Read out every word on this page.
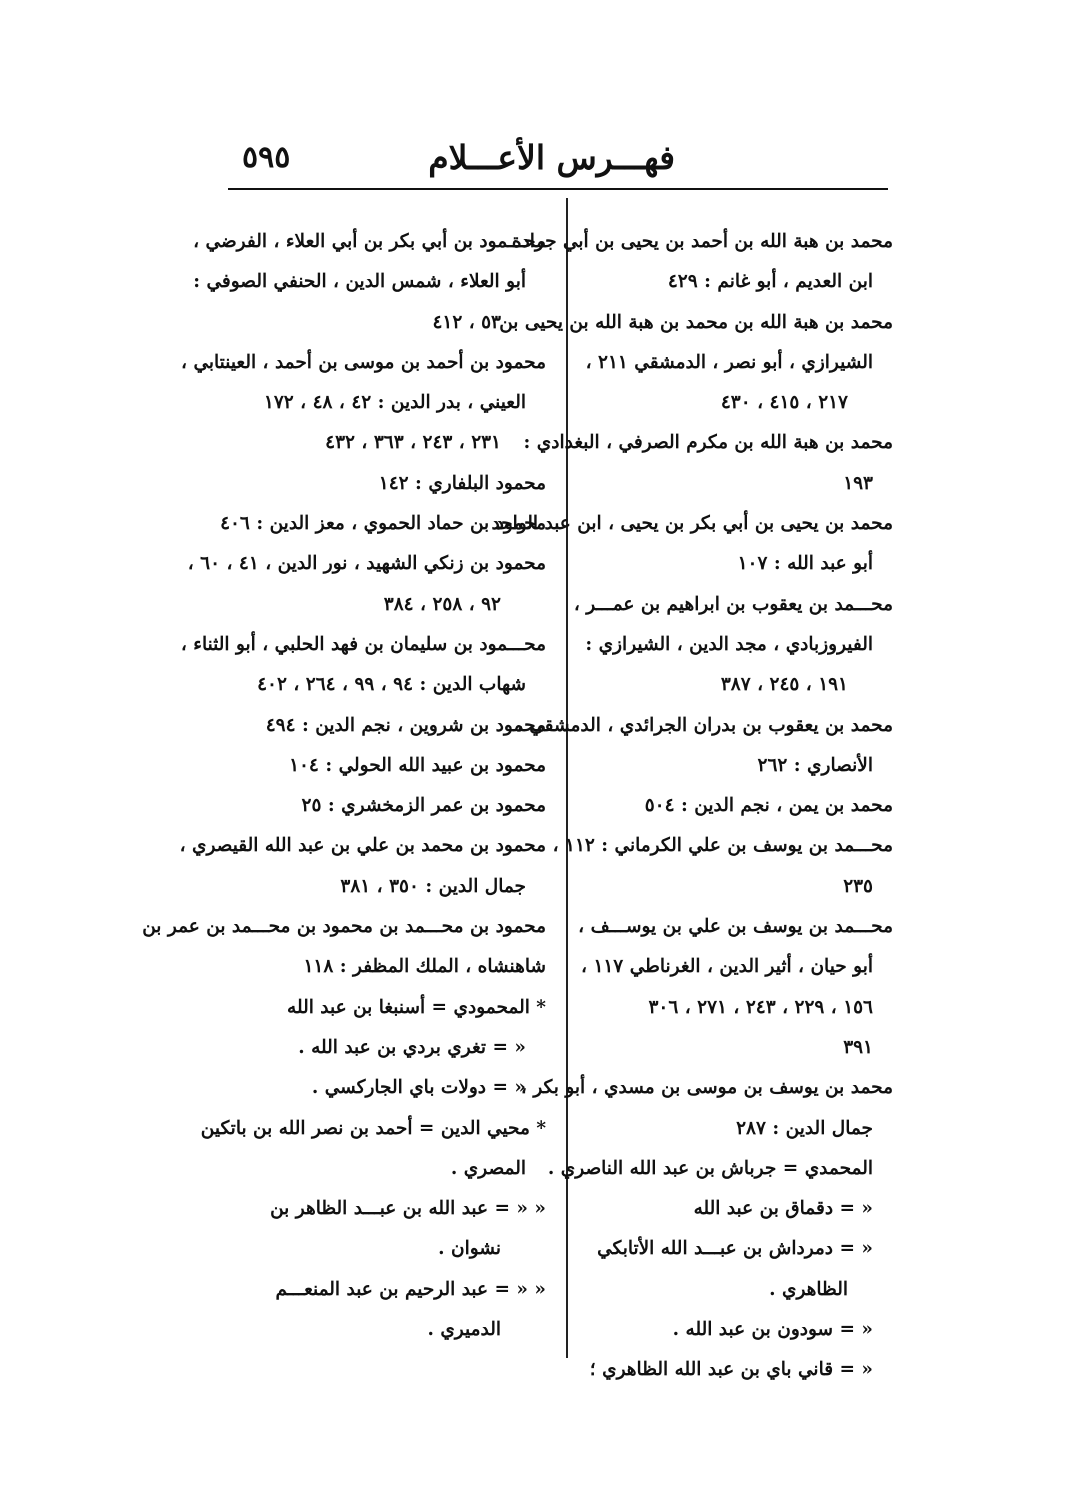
فهـــرس الأعـــلام
٥٩٥
محمد بن هبة الله بن أحمد بن يحيى بن أبي جرادة
ابن العديم ، أبو غانم : ٤٢٩
محمد بن هبة الله بن محمد بن هبة الله بن يحيى بن
الشيرازي ، أبو نصر ، الدمشقي ٢١١ ،
٢١٧ ، ٤١٥ ، ٤٣٠
محمد بن هبة الله بن مكرم الصرفي ، البغدادي :
١٩٣
محمد بن يحيى بن أبي بكر بن يحيى ، ابن عبد الواحد
أبو عبد الله : ١٠٧
محـــمد بن يعقوب بن ابراهيم بن عمـــر ،
الفيروزبادي ، مجد الدين ، الشيرازي :
١٩١ ، ٢٤٥ ، ٣٨٧
محمد بن يعقوب بن بدران الجرائدي ، الدمشقي ،
الأنصاري : ٢٦٢
محمد بن يمن ، نجم الدين : ٥٠٤
محـــمد بن يوسف بن علي الكرماني : ١١٢ ،
٢٣٥
محـــمد بن يوسف بن علي بن يوســـف ،
أبو حيان ، أثير الدين ، الغرناطي ١١٧ ،
١٥٦ ، ٢٢٩ ، ٢٤٣ ، ٢٧١ ، ٣٠٦
٣٩١
محمد بن يوسف بن موسى بن مسدي ، أبو بكر ،
جمال الدين : ٢٨٧
المحمدي = جرباش بن عبد الله الناصري .
« = دقماق بن عبد الله
« = دمرداش بن عبـــد الله الأتابكي
الظاهري .
« = سودون بن عبد الله .
« = قاني باي بن عبد الله الظاهري ؛
محـــمود بن أبي بكر بن أبي العلاء ، الفرضي ،
أبو العلاء ، شمس الدين ، الحنفي الصوفي :
٥٣ ، ٤١٢
محمود بن أحمد بن موسى بن أحمد ، العينتابي ،
العيني ، بدر الدين : ٤٢ ، ٤٨ ، ١٧٢
٢٣١ ، ٢٤٣ ، ٣٦٣ ، ٤٣٢
محمود البلفاري : ١٤٢
محمود بن حماد الحموي ، معز الدين : ٤٠٦
محمود بن زنكي الشهيد ، نور الدين ، ٤١ ، ٦٠ ،
٩٢ ، ٢٥٨ ، ٣٨٤
محـــمود بن سليمان بن فهد الحلبي ، أبو الثناء ،
شهاب الدين : ٩٤ ، ٩٩ ، ٢٦٤ ، ٤٠٢
محمود بن شروين ، نجم الدين : ٤٩٤
محمود بن عبيد الله الحولي : ١٠٤
محمود بن عمر الزمخشري : ٢٥
محمود بن محمد بن علي بن عبد الله القيصري ،
جمال الدين : ٣٥٠ ، ٣٨١
محمود بن محـــمد بن محمود بن محـــمد بن عمر بن
شاهنشاه ، الملك المظفر : ١١٨
* المحمودي = أسنبغا بن عبد الله
« = تغري بردي بن عبد الله .
« = دولات باي الجاركسي .
* محيي الدين = أحمد بن نصر الله بن باتكين
المصري .
« « = عبد الله بن عبـــد الظاهر بن
نشوان .
« « = عبد الرحيم بن عبد المنعـــم
الدميري .
